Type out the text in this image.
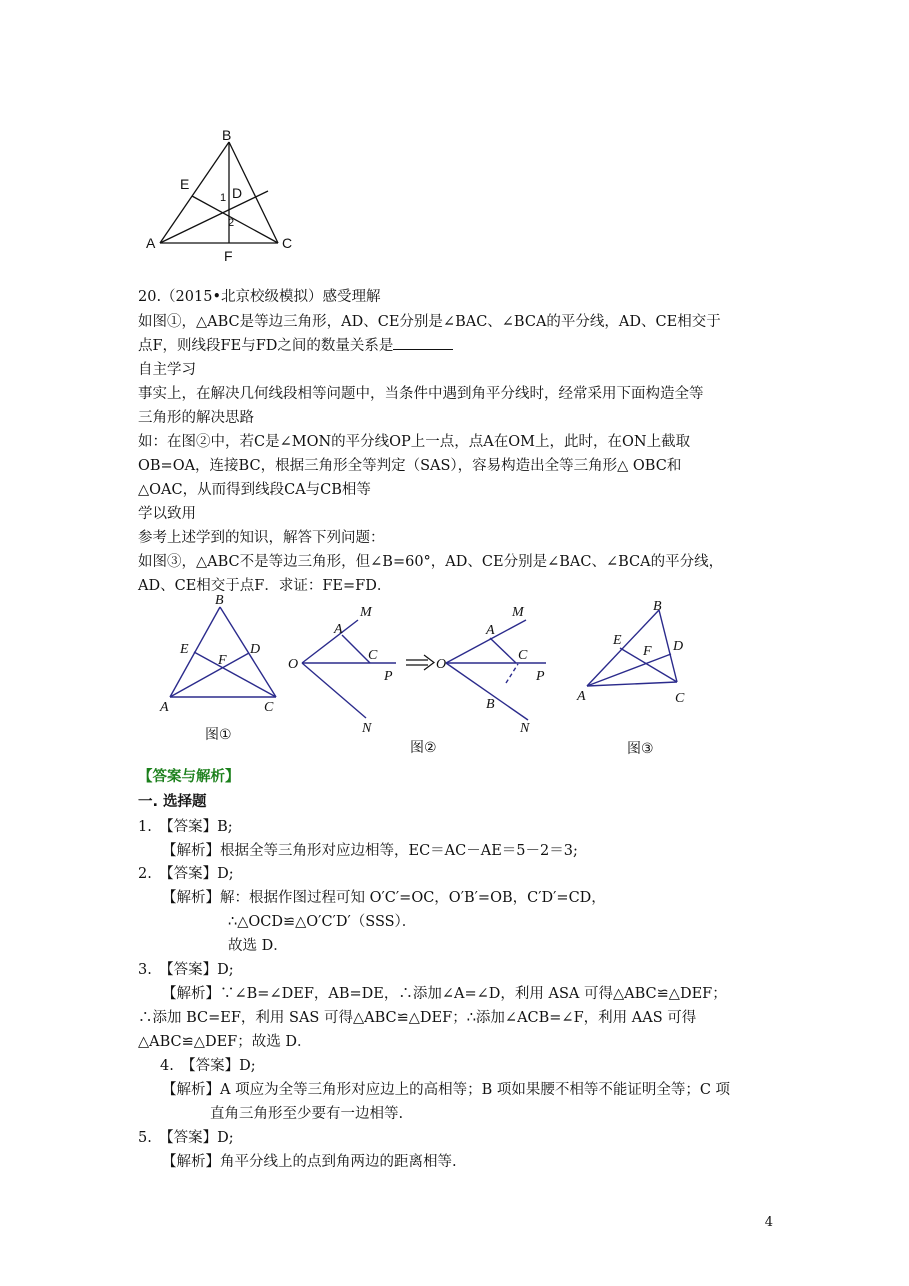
B
E
1 D
2
A	C
F
20.（2015•北京校级模拟）感受理解
如图①，△ABC是等边三角形，AD、CE分别是∠BAC、∠BCA的平分线，AD、CE相交于
点F，则线段FE与FD之间的数量关系是
自主学习
事实上，在解决几何线段相等问题中，当条件中遇到角平分线时，经常采用下面构造全等
三角形的解决思路
如：在图②中，若C是∠MON的平分线OP上一点，点A在OM上，此时，在ON上截取
OB=OA，连接BC，根据三角形全等判定（SAS），容易构造出全等三角形△ OBC和
△OAC，从而得到线段CA与CB相等
学以致用
参考上述学到的知识，解答下列问题：
如图③，△ABC不是等边三角形，但∠B=60°，AD、CE分别是∠BAC、∠BCA的平分线，
AD、CE相交于点F．求证：FE=FD．
B
E	D
F
A	C
图①
M
A
O
C
P
N
M
A
O
C
P
B
N
图②
B
E
F D
A	C
图③
【答案与解析】
一. 选择题
1.　【答案】B;
【解析】根据全等三角形对应边相等，EC＝AC－AE＝5－2＝3;
2.　【答案】D;
【解析】解：根据作图过程可知 O′C′=OC，O′B′=OB，C′D′=CD，
∴△OCD≌△O′C′D′（SSS）．
故选 D．
3.　【答案】D;
【解析】∵∠B=∠DEF，AB=DE，∴添加∠A=∠D，利用 ASA 可得△ABC≌△DEF；
∴添加 BC=EF，利用 SAS 可得△ABC≌△DEF；∴添加∠ACB=∠F，利用 AAS 可得
△ABC≌△DEF；故选 D．
4.　【答案】D;
【解析】A 项应为全等三角形对应边上的高相等；B 项如果腰不相等不能证明全等；C 项
直角三角形至少要有一边相等.
5.　【答案】D;
【解析】角平分线上的点到角两边的距离相等.
4
